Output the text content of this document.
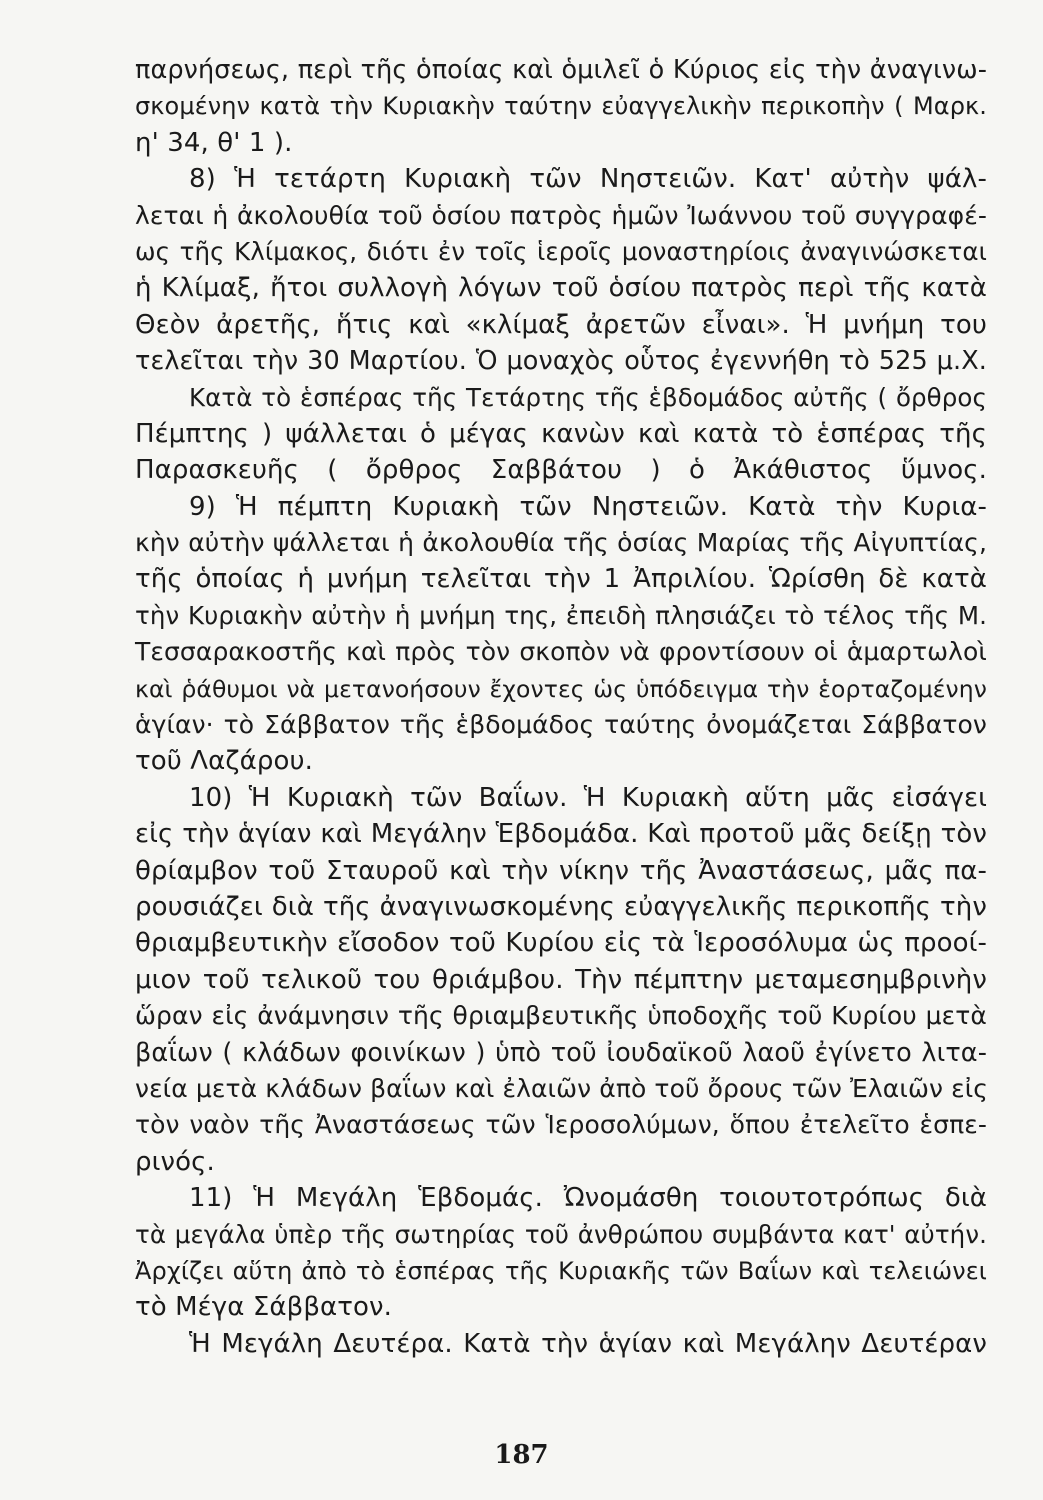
παρνήσεως, περὶ τῆς ὁποίας καὶ ὁμιλεῖ ὁ Κύριος εἰς τὴν ἀναγινω-
σκομένην κατὰ τὴν Κυριακὴν ταύτην εὐαγγελικὴν περικοπὴν ( Μαρκ.
η' 34, θ' 1 ).
8) Ἡ τετάρτη Κυριακὴ τῶν Νηστειῶν. Κατ' αὐτὴν ψάλ-
λεται ἡ ἀκολουθία τοῦ ὁσίου πατρὸς ἡμῶν Ἰωάννου τοῦ συγγραφέ-
ως τῆς Κλίμακος, διότι ἐν τοῖς ἱεροῖς μοναστηρίοις ἀναγινώσκεται
ἡ Κλίμαξ, ἤτοι συλλογὴ λόγων τοῦ ὁσίου πατρὸς περὶ τῆς κατὰ
Θεὸν ἀρετῆς, ἥτις καὶ «κλίμαξ ἀρετῶν εἶναι». Ἡ μνήμη του
τελεῖται τὴν 30 Μαρτίου. Ὁ μοναχὸς οὗτος ἐγεννήθη τὸ 525 μ.Χ.
Κατὰ τὸ ἑσπέρας τῆς Τετάρτης τῆς ἑβδομάδος αὐτῆς ( ὄρθρος
Πέμπτης ) ψάλλεται ὁ μέγας κανὼν καὶ κατὰ τὸ ἑσπέρας τῆς
Παρασκευῆς ( ὄρθρος Σαββάτου ) ὁ Ἀκάθιστος ὕμνος.
9) Ἡ πέμπτη Κυριακὴ τῶν Νηστειῶν. Κατὰ τὴν Κυρια-
κὴν αὐτὴν ψάλλεται ἡ ἀκολουθία τῆς ὁσίας Μαρίας τῆς Αἰγυπτίας,
τῆς ὁποίας ἡ μνήμη τελεῖται τὴν 1 Ἀπριλίου. Ὡρίσθη δὲ κατὰ
τὴν Κυριακὴν αὐτὴν ἡ μνήμη της, ἐπειδὴ πλησιάζει τὸ τέλος τῆς Μ.
Τεσσαρακοστῆς καὶ πρὸς τὸν σκοπὸν νὰ φροντίσουν οἱ ἁμαρτωλοὶ
καὶ ῥάθυμοι νὰ μετανοήσουν ἔχοντες ὡς ὑπόδειγμα τὴν ἑορταζομένην
ἁγίαν· τὸ Σάββατον τῆς ἑβδομάδος ταύτης ὀνομάζεται Σάββατον
τοῦ Λαζάρου.
10) Ἡ Κυριακὴ τῶν Βαΐων. Ἡ Κυριακὴ αὕτη μᾶς εἰσάγει
εἰς τὴν ἁγίαν καὶ Μεγάλην Ἑβδομάδα. Καὶ προτοῦ μᾶς δείξῃ τὸν
θρίαμβον τοῦ Σταυροῦ καὶ τὴν νίκην τῆς Ἀναστάσεως, μᾶς πα-
ρουσιάζει διὰ τῆς ἀναγινωσκομένης εὐαγγελικῆς περικοπῆς τὴν
θριαμβευτικὴν εἴσοδον τοῦ Κυρίου εἰς τὰ Ἱεροσόλυμα ὡς προοί-
μιον τοῦ τελικοῦ του θριάμβου. Τὴν πέμπτην μεταμεσημβρινὴν
ὥραν εἰς ἀνάμνησιν τῆς θριαμβευτικῆς ὑποδοχῆς τοῦ Κυρίου μετὰ
βαΐων ( κλάδων φοινίκων ) ὑπὸ τοῦ ἰουδαϊκοῦ λαοῦ ἐγίνετο λιτα-
νεία μετὰ κλάδων βαΐων καὶ ἐλαιῶν ἀπὸ τοῦ ὄρους τῶν Ἐλαιῶν εἰς
τὸν ναὸν τῆς Ἀναστάσεως τῶν Ἱεροσολύμων, ὅπου ἐτελεῖτο ἑσπε-
ρινός.
11) Ἡ Μεγάλη Ἑβδομάς. Ὠνομάσθη τοιουτοτρόπως διὰ
τὰ μεγάλα ὑπὲρ τῆς σωτηρίας τοῦ ἀνθρώπου συμβάντα κατ' αὐτήν.
Ἀρχίζει αὕτη ἀπὸ τὸ ἑσπέρας τῆς Κυριακῆς τῶν Βαΐων καὶ τελειώνει
τὸ Μέγα Σάββατον.
Ἡ Μεγάλη Δευτέρα. Κατὰ τὴν ἁγίαν καὶ Μεγάλην Δευτέραν
187
